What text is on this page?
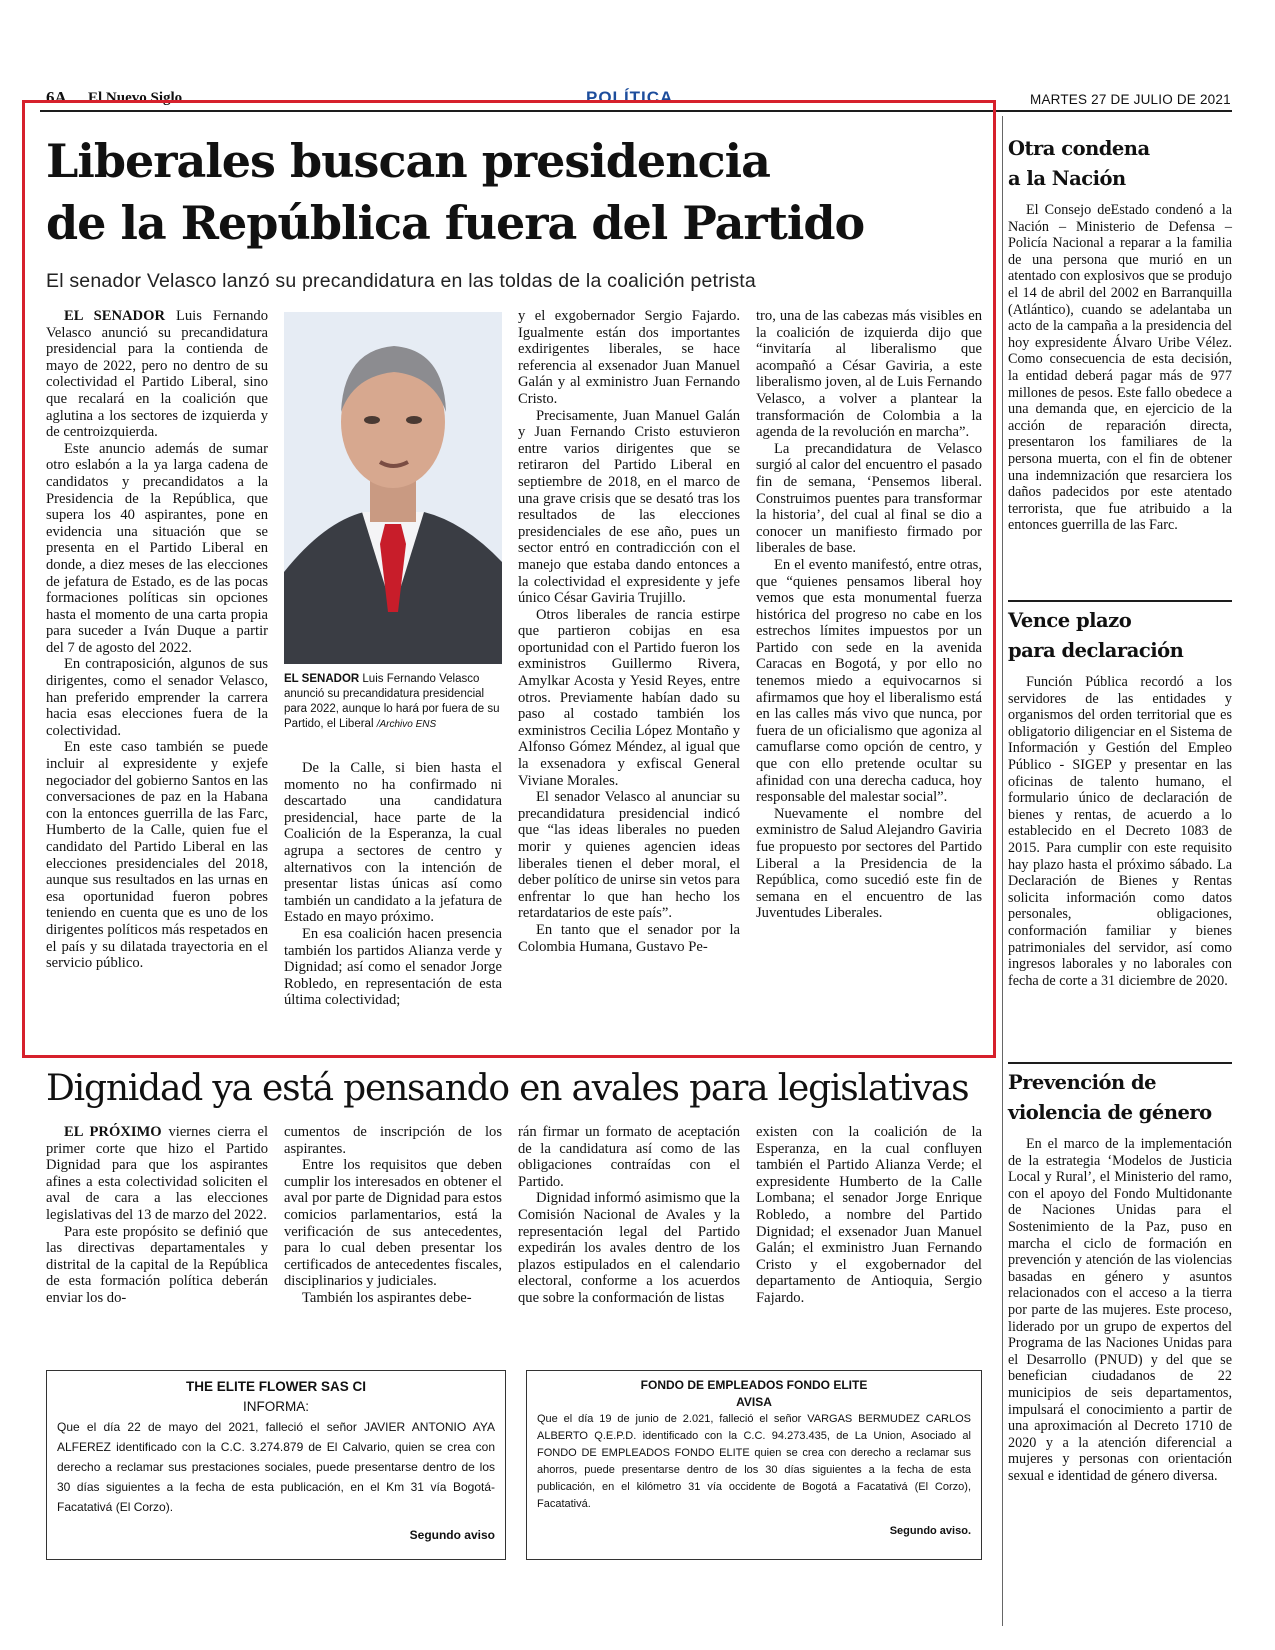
6A El Nuevo Siglo	POLÍTICA	MARTES 27 DE JULIO DE 2021
Liberales buscan presidencia
de la República fuera del Partido
El senador Velasco lanzó su precandidatura en las toldas de la coalición petrista

EL SENADOR Luis Fernando Velasco anunció su precandidatura presidencial para la contienda de mayo de 2022, pero no dentro de su colectividad el Partido Liberal, sino que recalará en la coalición que aglutina a los sectores de izquierda y de centroizquierda.

Este anuncio además de sumar otro eslabón a la ya larga cadena de candidatos y precandidatos a la Presidencia de la República, que supera los 40 aspirantes, pone en evidencia una situación que se presenta en el Partido Liberal en donde, a diez meses de las elecciones de jefatura de Estado, es de las pocas formaciones políticas sin opciones hasta el momento de una carta propia para suceder a Iván Duque a partir del 7 de agosto del 2022.

En contraposición, algunos de sus dirigentes, como el senador Velasco, han preferido emprender la carrera hacia esas elecciones fuera de la colectividad.

En este caso también se puede incluir al expresidente y exjefe negociador del gobierno Santos en las conversaciones de paz en la Habana con la entonces guerrilla de las Farc, Humberto de la Calle, quien fue el candidato del Partido Liberal en las elecciones presidenciales del 2018, aunque sus resultados en las urnas en esa oportunidad fueron pobres teniendo en cuenta que es uno de los dirigentes políticos más respetados en el país y su dilatada trayectoria en el servicio público.

EL SENADOR Luis Fernando Velasco anunció su precandidatura presidencial para 2022, aunque lo hará por fuera de su Partido, el Liberal /Archivo ENS

De la Calle, si bien hasta el momento no ha confirmado ni descartado una candidatura presidencial, hace parte de la Coalición de la Esperanza, la cual agrupa a sectores de centro y alternativos con la intención de presentar listas únicas así como también un candidato a la jefatura de Estado en mayo próximo.

En esa coalición hacen presencia también los partidos Alianza verde y Dignidad; así como el senador Jorge Robledo, en representación de esta última colectividad;

y el exgobernador Sergio Fajardo. Igualmente están dos importantes exdirigentes liberales, se hace referencia al exsenador Juan Manuel Galán y al exministro Juan Fernando Cristo.

Precisamente, Juan Manuel Galán y Juan Fernando Cristo estuvieron entre varios dirigentes que se retiraron del Partido Liberal en septiembre de 2018, en el marco de una grave crisis que se desató tras los resultados de las elecciones presidenciales de ese año, pues un sector entró en contradicción con el manejo que estaba dando entonces a la colectividad el expresidente y jefe único César Gaviria Trujillo.

Otros liberales de rancia estirpe que partieron cobijas en esa oportunidad con el Partido fueron los exministros Guillermo Rivera, Amylkar Acosta y Yesid Reyes, entre otros. Previamente habían dado su paso al costado también los exministros Cecilia López Montaño y Alfonso Gómez Méndez, al igual que la exsenadora y exfiscal General Viviane Morales.

El senador Velasco al anunciar su precandidatura presidencial indicó que “las ideas liberales no pueden morir y quienes agencien ideas liberales tienen el deber moral, el deber político de unirse sin vetos para enfrentar lo que han hecho los retardatarios de este país”.

En tanto que el senador por la Colombia Humana, Gustavo Pe-

tro, una de las cabezas más visibles en la coalición de izquierda dijo que “invitaría al liberalismo que acompañó a César Gaviria, a este liberalismo joven, al de Luis Fernando Velasco, a volver a plantear la transformación de Colombia a la agenda de la revolución en marcha”.

La precandidatura de Velasco surgió al calor del encuentro el pasado fin de semana, ‘Pensemos liberal. Construimos puentes para transformar la historia’, del cual al final se dio a conocer un manifiesto firmado por liberales de base.

En el evento manifestó, entre otras, que “quienes pensamos liberal hoy vemos que esta monumental fuerza histórica del progreso no cabe en los estrechos límites impuestos por un Partido con sede en la avenida Caracas en Bogotá, y por ello no tenemos miedo a equivocarnos si afirmamos que hoy el liberalismo está en las calles más vivo que nunca, por fuera de un oficialismo que agoniza al camuflarse como opción de centro, y que con ello pretende ocultar su afinidad con una derecha caduca, hoy responsable del malestar social”.

Nuevamente el nombre del exministro de Salud Alejandro Gaviria fue propuesto por sectores del Partido Liberal a la Presidencia de la República, como sucedió este fin de semana en el encuentro de las Juventudes Liberales.

Dignidad ya está pensando en avales para legislativas

EL PRÓXIMO viernes cierra el primer corte que hizo el Partido Dignidad para que los aspirantes afines a esta colectividad soliciten el aval de cara a las elecciones legislativas del 13 de marzo del 2022.

Para este propósito se definió que las directivas departamentales y distrital de la capital de la República de esta formación política deberán enviar los do-

cumentos de inscripción de los aspirantes.

Entre los requisitos que deben cumplir los interesados en obtener el aval por parte de Dignidad para estos comicios parlamentarios, está la verificación de sus antecedentes, para lo cual deben presentar los certificados de antecedentes fiscales, disciplinarios y judiciales.

También los aspirantes debe-

rán firmar un formato de aceptación de la candidatura así como de las obligaciones contraídas con el Partido.

Dignidad informó asimismo que la Comisión Nacional de Avales y la representación legal del Partido expedirán los avales dentro de los plazos estipulados en el calendario electoral, conforme a los acuerdos que sobre la conformación de listas

existen con la coalición de la Esperanza, en la cual confluyen también el Partido Alianza Verde; el expresidente Humberto de la Calle Lombana; el senador Jorge Enrique Robledo, a nombre del Partido Dignidad; el exsenador Juan Manuel Galán; el exministro Juan Fernando Cristo y el exgobernador del departamento de Antioquia, Sergio Fajardo.

THE ELITE FLOWER SAS CI
INFORMA:
Que el día 22 de mayo del 2021, falleció el señor JAVIER ANTONIO AYA ALFEREZ identificado con la C.C. 3.274.879 de El Calvario, quien se crea con derecho a reclamar sus prestaciones sociales, puede presentarse dentro de los 30 días siguientes a la fecha de esta publicación, en el Km 31 vía Bogotá-Facatativá (El Corzo).
Segundo aviso
FONDO DE EMPLEADOS FONDO ELITE
AVISA
Que el día 19 de junio de 2.021, falleció el señor VARGAS BERMUDEZ CARLOS ALBERTO Q.E.P.D. identificado con la C.C. 94.273.435, de La Union, Asociado al FONDO DE EMPLEADOS FONDO ELITE quien se crea con derecho a reclamar sus ahorros, puede presentarse dentro de los 30 días siguientes a la fecha de esta publicación, en el kilómetro 31 vía occidente de Bogotá a Facatativá (El Corzo), Facatativá.
Segundo aviso.
Otra condena
a la Nación

El Consejo deEstado condenó a la Nación – Ministerio de Defensa – Policía Nacional a reparar a la familia de una persona que murió en un atentado con explosivos que se produjo el 14 de abril del 2002 en Barranquilla (Atlántico), cuando se adelantaba un acto de la campaña a la presidencia del hoy expresidente Álvaro Uribe Vélez. Como consecuencia de esta decisión, la entidad deberá pagar más de 977 millones de pesos. Este fallo obedece a una demanda que, en ejercicio de la acción de reparación directa, presentaron los familiares de la persona muerta, con el fin de obtener una indemnización que resarciera los daños padecidos por este atentado terrorista, que fue atribuido a la entonces guerrilla de las Farc.

Vence plazo
para declaración

Función Pública recordó a los servidores de las entidades y organismos del orden territorial que es obligatorio diligenciar en el Sistema de Información y Gestión del Empleo Público - SIGEP y presentar en las oficinas de talento humano, el formulario único de declaración de bienes y rentas, de acuerdo a lo establecido en el Decreto 1083 de 2015. Para cumplir con este requisito hay plazo hasta el próximo sábado. La Declaración de Bienes y Rentas solicita información como datos personales, obligaciones, conformación familiar y bienes patrimoniales del servidor, así como ingresos laborales y no laborales con fecha de corte a 31 diciembre de 2020.

Prevención de
violencia de género

En el marco de la implementación de la estrategia ‘Modelos de Justicia Local y Rural’, el Ministerio del ramo, con el apoyo del Fondo Multidonante de Naciones Unidas para el Sostenimiento de la Paz, puso en marcha el ciclo de formación en prevención y atención de las violencias basadas en género y asuntos relacionados con el acceso a la tierra por parte de las mujeres. Este proceso, liderado por un grupo de expertos del Programa de las Naciones Unidas para el Desarrollo (PNUD) y del que se benefician ciudadanos de 22 municipios de seis departamentos, impulsará el conocimiento a partir de una aproximación al Decreto 1710 de 2020 y a la atención diferencial a mujeres y personas con orientación sexual e identidad de género diversa.
